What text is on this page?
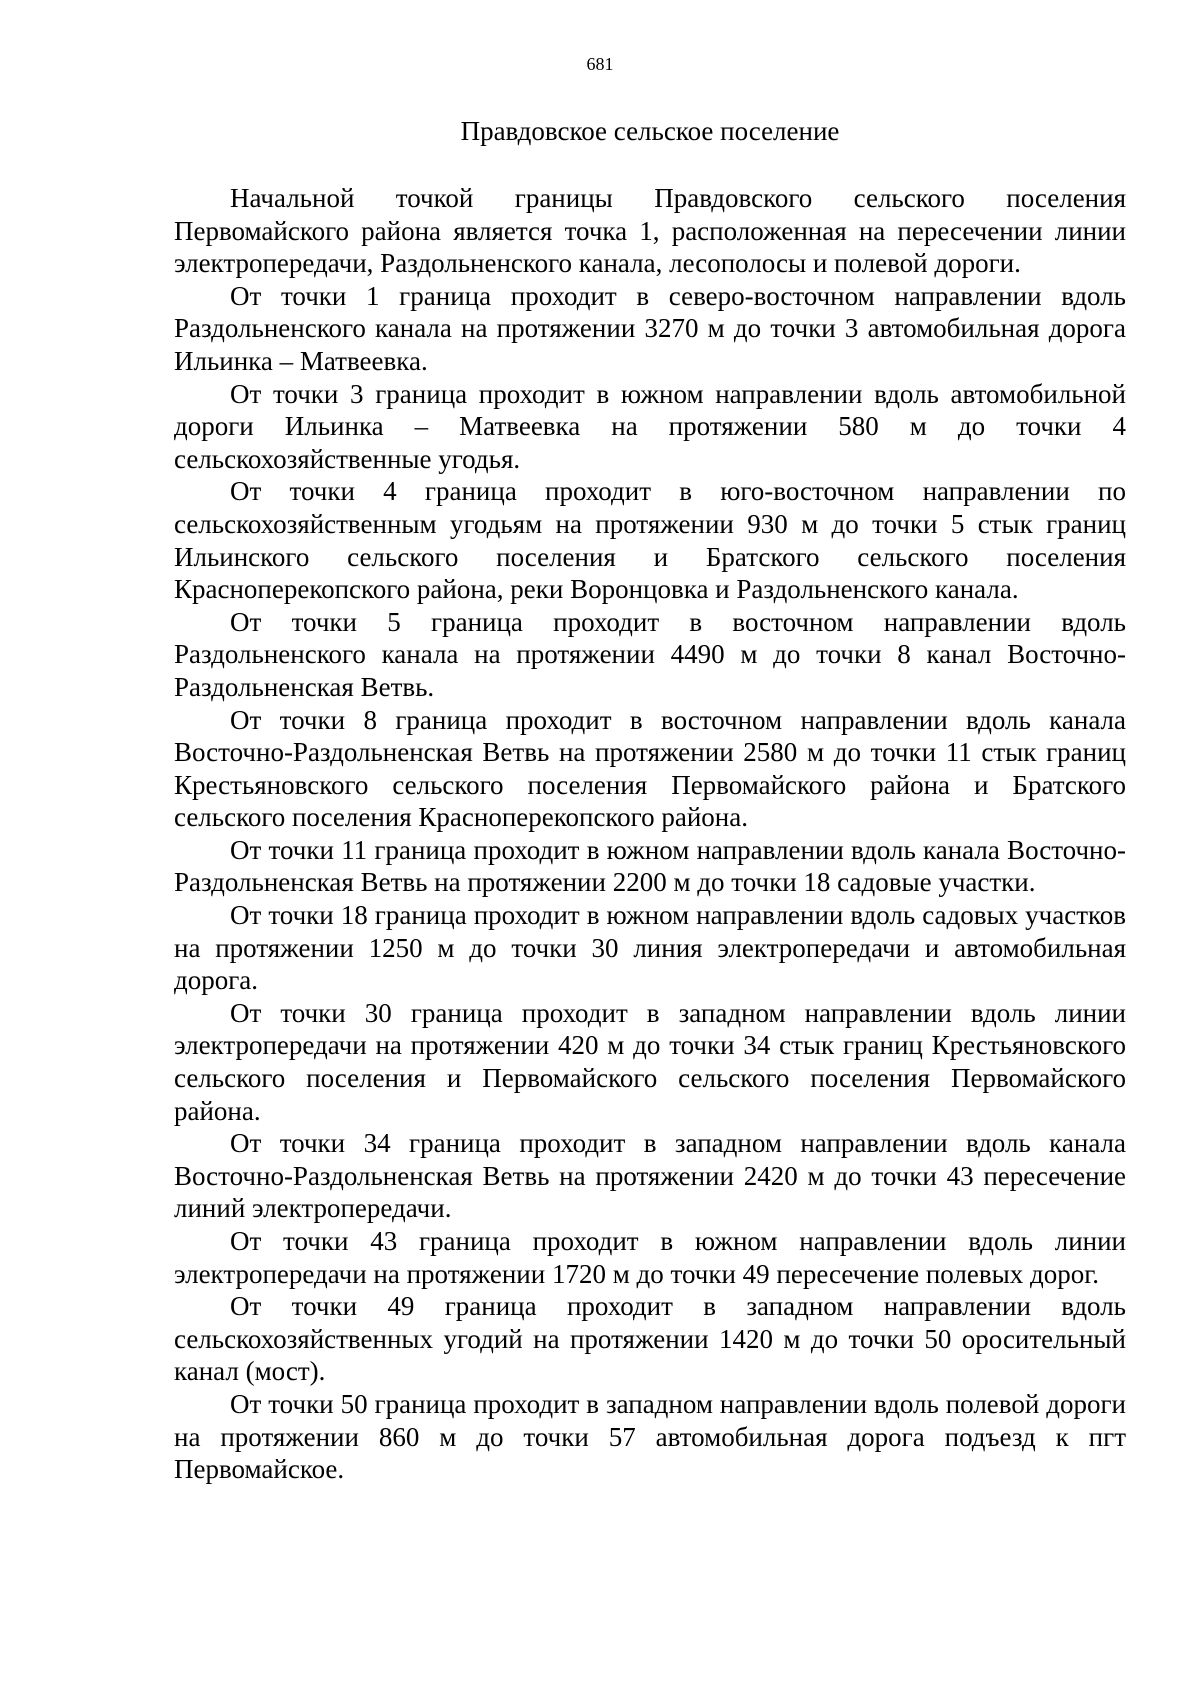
681
Правдовское сельское поселение

Начальной точкой границы Правдовского сельского поселения Первомайского района является точка 1, расположенная на пересечении линии электропередачи, Раздольненского канала, лесополосы и полевой дороги.

От точки 1 граница проходит в северо-восточном направлении вдоль Раздольненского канала на протяжении 3270 м до точки 3 автомобильная дорога Ильинка – Матвеевка.

От точки 3 граница проходит в южном направлении вдоль автомобильной дороги Ильинка – Матвеевка на протяжении 580 м до точки 4 сельскохозяйственные угодья.

От точки 4 граница проходит в юго-восточном направлении по сельскохозяйственным угодьям на протяжении 930 м до точки 5 стык границ Ильинского сельского поселения и Братского сельского поселения Красноперекопского района, реки Воронцовка и Раздольненского канала.

От точки 5 граница проходит в восточном направлении вдоль Раздольненского канала на протяжении 4490 м до точки 8 канал Восточно-Раздольненская Ветвь.

От точки 8 граница проходит в восточном направлении вдоль канала Восточно-Раздольненская Ветвь на протяжении 2580 м до точки 11 стык границ Крестьяновского сельского поселения Первомайского района и Братского сельского поселения Красноперекопского района.

От точки 11 граница проходит в южном направлении вдоль канала Восточно-Раздольненская Ветвь на протяжении 2200 м до точки 18 садовые участки.

От точки 18 граница проходит в южном направлении вдоль садовых участков на протяжении 1250 м до точки 30 линия электропередачи и автомобильная дорога.

От точки 30 граница проходит в западном направлении вдоль линии электропередачи на протяжении 420 м до точки 34 стык границ Крестьяновского сельского поселения и Первомайского сельского поселения Первомайского района.

От точки 34 граница проходит в западном направлении вдоль канала Восточно-Раздольненская Ветвь на протяжении 2420 м до точки 43 пересечение линий электропередачи.

От точки 43 граница проходит в южном направлении вдоль линии электропередачи на протяжении 1720 м до точки 49 пересечение полевых дорог.

От точки 49 граница проходит в западном направлении вдоль сельскохозяйственных угодий на протяжении 1420 м до точки 50 оросительный канал (мост).

От точки 50 граница проходит в западном направлении вдоль полевой дороги на протяжении 860 м до точки 57 автомобильная дорога подъезд к пгт Первомайское.
